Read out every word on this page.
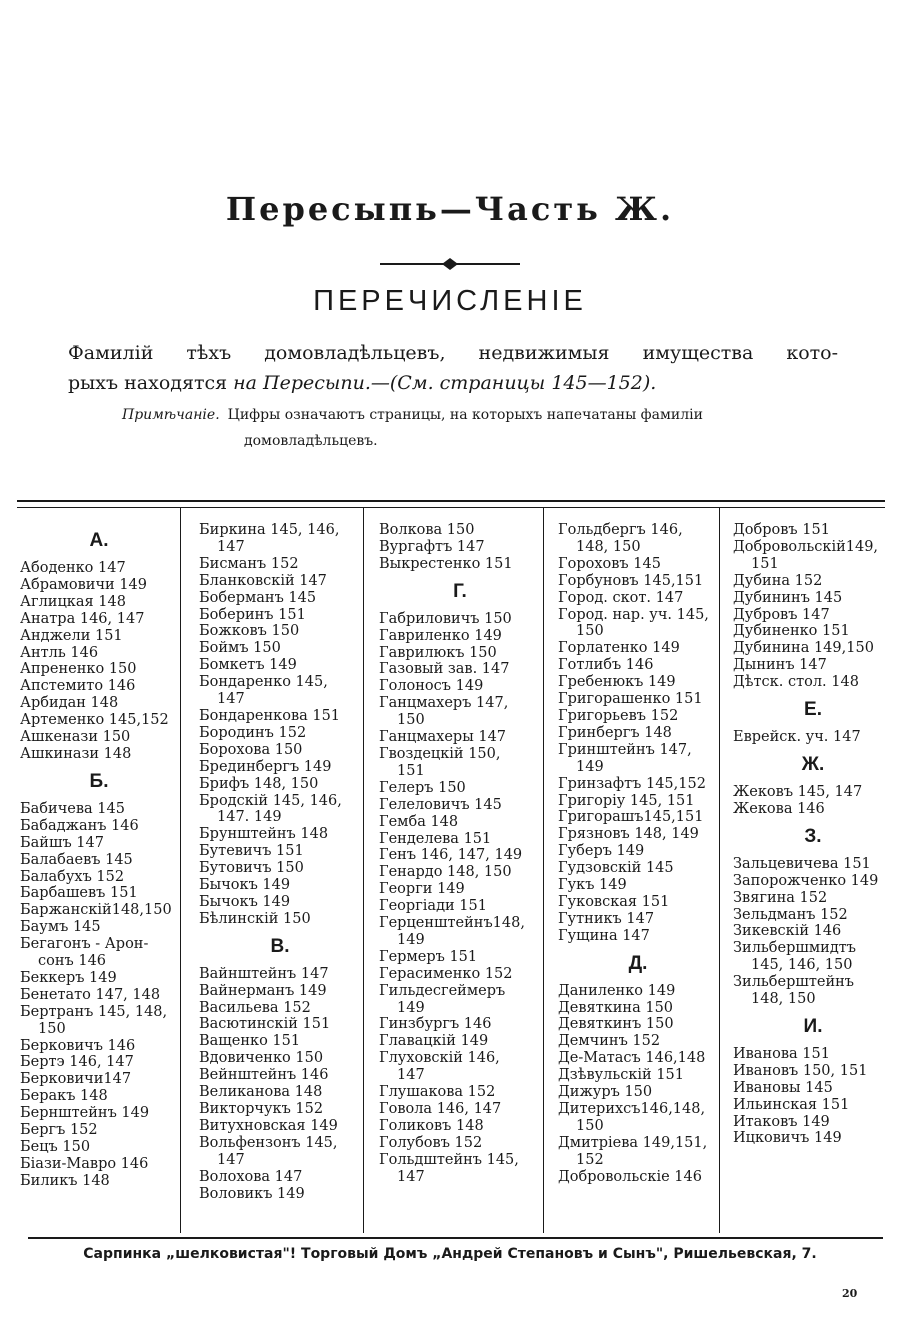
Пересыпь—Часть Ж.
ПЕРЕЧИСЛЕНІЕ
Фамилій тѣхъ домовладѣльцевъ, недвижимыя имущества кото-
рыхъ находятся на Пересыпи.—(См. страницы 145—152).
Примѣчаніе. Цифры означаютъ страницы, на которыхъ напечатаны фамиліи
домовладѣльцевъ.
А.
Абоденко 147
Абрамовичи 149
Аглицкая 148
Анатра 146, 147
Анджели 151
Антль 146
Апрененко 150
Апстемито 146
Арбидан 148
Артеменко 145,152
Ашкенази 150
Ашкинази 148
Б.
Бабичева 145
Бабаджанъ 146
Байшъ 147
Балабаевъ 145
Балабухъ 152
Барбашевъ 151
Баржанскій148,150
Баумъ 145
Бегагонъ - Арон-
сонъ 146
Беккеръ 149
Бенетато 147, 148
Бертранъ 145, 148,
150
Берковичъ 146
Бертэ 146, 147
Берковичи147
Беракъ 148
Бернштейнъ 149
Бергъ 152
Бецъ 150
Біази-Мавро 146
Биликъ 148
Биркина 145, 146,
147
Бисманъ 152
Бланковскій 147
Боберманъ 145
Боберинъ 151
Божковъ 150
Боймъ 150
Бомкетъ 149
Бондаренко 145,
147
Бондаренкова 151
Бородинъ 152
Борохова 150
Брединбергъ 149
Брифъ 148, 150
Бродскій 145, 146,
147. 149
Брунштейнъ 148
Бутевичъ 151
Бутовичъ 150
Бычокъ 149
Бычокъ 149
Бѣлинскій 150
В.
Вайнштейнъ 147
Вайнерманъ 149
Васильева 152
Васютинскій 151
Ващенко 151
Вдовиченко 150
Вейнштейнъ 146
Великанова 148
Викторчукъ 152
Витухновская 149
Вольфензонъ 145,
147
Волохова 147
Воловикъ 149
Волкова 150
Вургафтъ 147
Выкрестенко 151
Г.
Габриловичъ 150
Гавриленко 149
Гаврилюкъ 150
Газовый зав. 147
Голоносъ 149
Ганцмахеръ 147,
150
Ганцмахеры 147
Гвоздецкій 150,
151
Гелеръ 150
Гелеловичъ 145
Гемба 148
Генделева 151
Генъ 146, 147, 149
Генардо 148, 150
Георги 149
Георгіади 151
Герценштейнъ148,
149
Гермеръ 151
Герасименко 152
Гильдесгеймеръ
149
Гинзбургъ 146
Главацкій 149
Глуховскій 146,
147
Глушакова 152
Говола 146, 147
Голиковъ 148
Голубовъ 152
Гольдштейнъ 145,
147
Гольдбергъ 146,
148, 150
Гороховъ 145
Горбуновъ 145,151
Город. скот. 147
Город. нар. уч. 145,
150
Горлатенко 149
Готлибъ 146
Гребенюкъ 149
Григорашенко 151
Григорьевъ 152
Гринбергъ 148
Гринштейнъ 147,
149
Гринзафтъ 145,152
Григоріу 145, 151
Григорашъ145,151
Грязновъ 148, 149
Губеръ 149
Гудзовскій 145
Гукъ 149
Гуковская 151
Гутникъ 147
Гущина 147
Д.
Даниленко 149
Девяткина 150
Девяткинъ 150
Демчинъ 152
Де-Матасъ 146,148
Дзѣвульскій 151
Дижуръ 150
Дитерихсъ146,148,
150
Дмитріева 149,151,
152
Добровольскіе 146
Добровъ 151
Добровольскій149,
151
Дубина 152
Дубининъ 145
Дубровъ 147
Дубиненко 151
Дубинина 149,150
Дынинъ 147
Дѣтск. стол. 148
Е.
Еврейск. уч. 147
Ж.
Жековъ 145, 147
Жекова 146
З.
Зальцевичева 151
Запорожченко 149
Звягина 152
Зельдманъ 152
Зикевскій 146
Зильбершмидтъ
145, 146, 150
Зильберштейнъ
148, 150
И.
Иванова 151
Ивановъ 150, 151
Ивановы 145
Ильинская 151
Итаковъ 149
Ицковичъ 149
Сарпинка „шелковистая"! Торговый Домъ „Андрей Степановъ и Сынъ", Ришельевская, 7.
20
